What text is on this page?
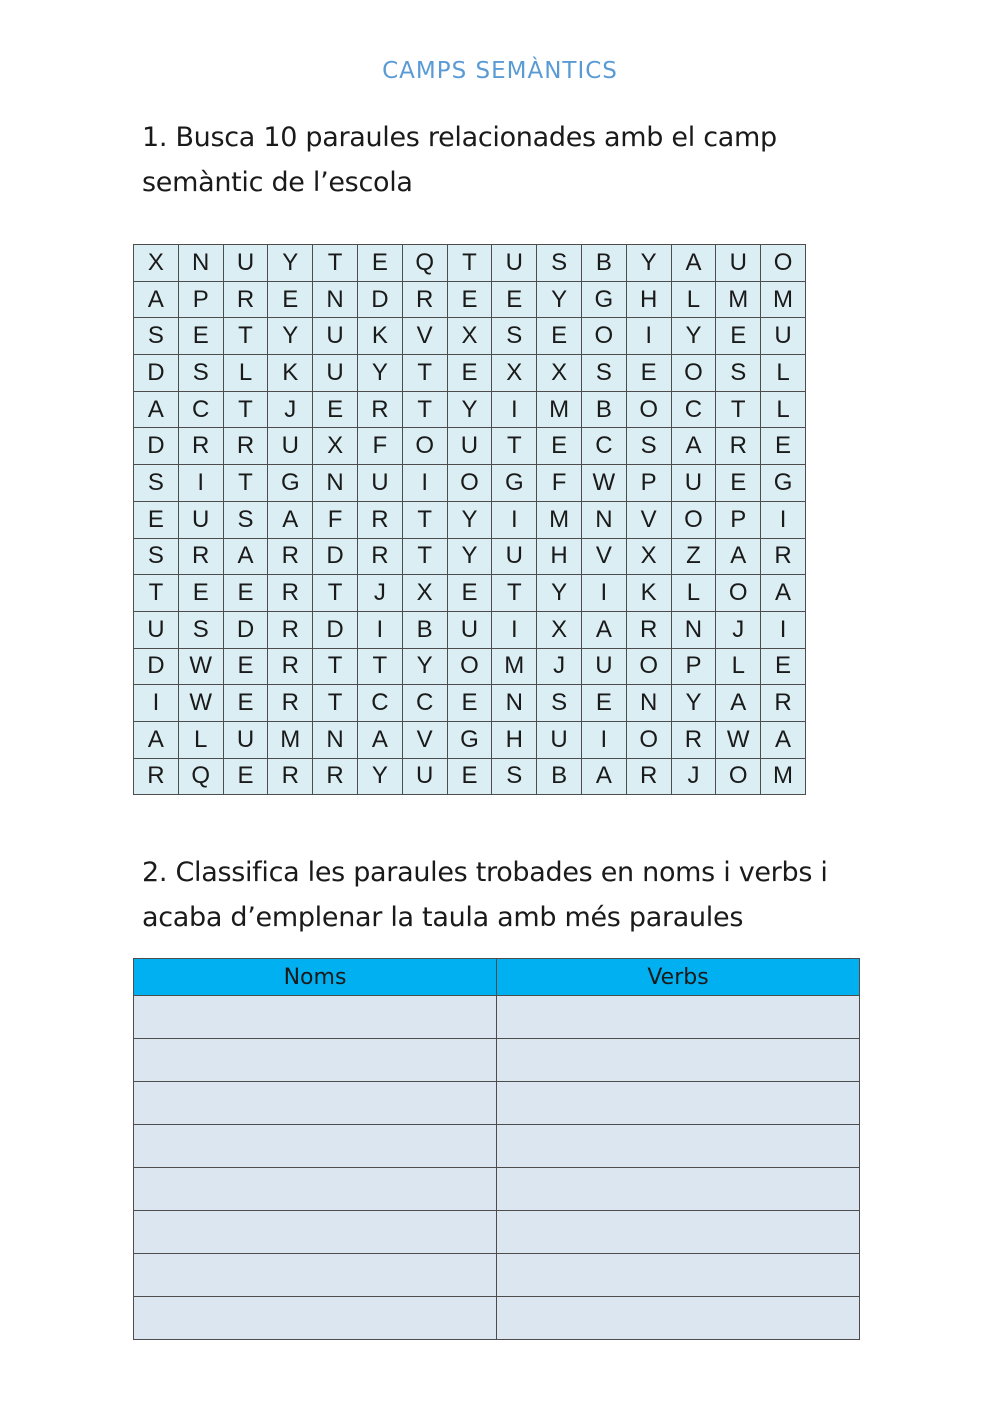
CAMPS SEMÀNTICS
1. Busca 10 paraules relacionades amb el camp semàntic de l’escola
X	N	U	Y	T	E	Q	T	U	S	B	Y	A	U	O
A	P	R	E	N	D	R	E	E	Y	G	H	L	M	M
S	E	T	Y	U	K	V	X	S	E	O	I	Y	E	U
D	S	L	K	U	Y	T	E	X	X	S	E	O	S	L
A	C	T	J	E	R	T	Y	I	M	B	O	C	T	L
D	R	R	U	X	F	O	U	T	E	C	S	A	R	E
S	I	T	G	N	U	I	O	G	F	W	P	U	E	G
E	U	S	A	F	R	T	Y	I	M	N	V	O	P	I
S	R	A	R	D	R	T	Y	U	H	V	X	Z	A	R
T	E	E	R	T	J	X	E	T	Y	I	K	L	O	A
U	S	D	R	D	I	B	U	I	X	A	R	N	J	I
D	W	E	R	T	T	Y	O	M	J	U	O	P	L	E
I	W	E	R	T	C	C	E	N	S	E	N	Y	A	R
A	L	U	M	N	A	V	G	H	U	I	O	R	W	A
R	Q	E	R	R	Y	U	E	S	B	A	R	J	O	M
2. Classifica les paraules trobades en noms i verbs i acaba d’emplenar la taula amb més paraules
Noms	Verbs
